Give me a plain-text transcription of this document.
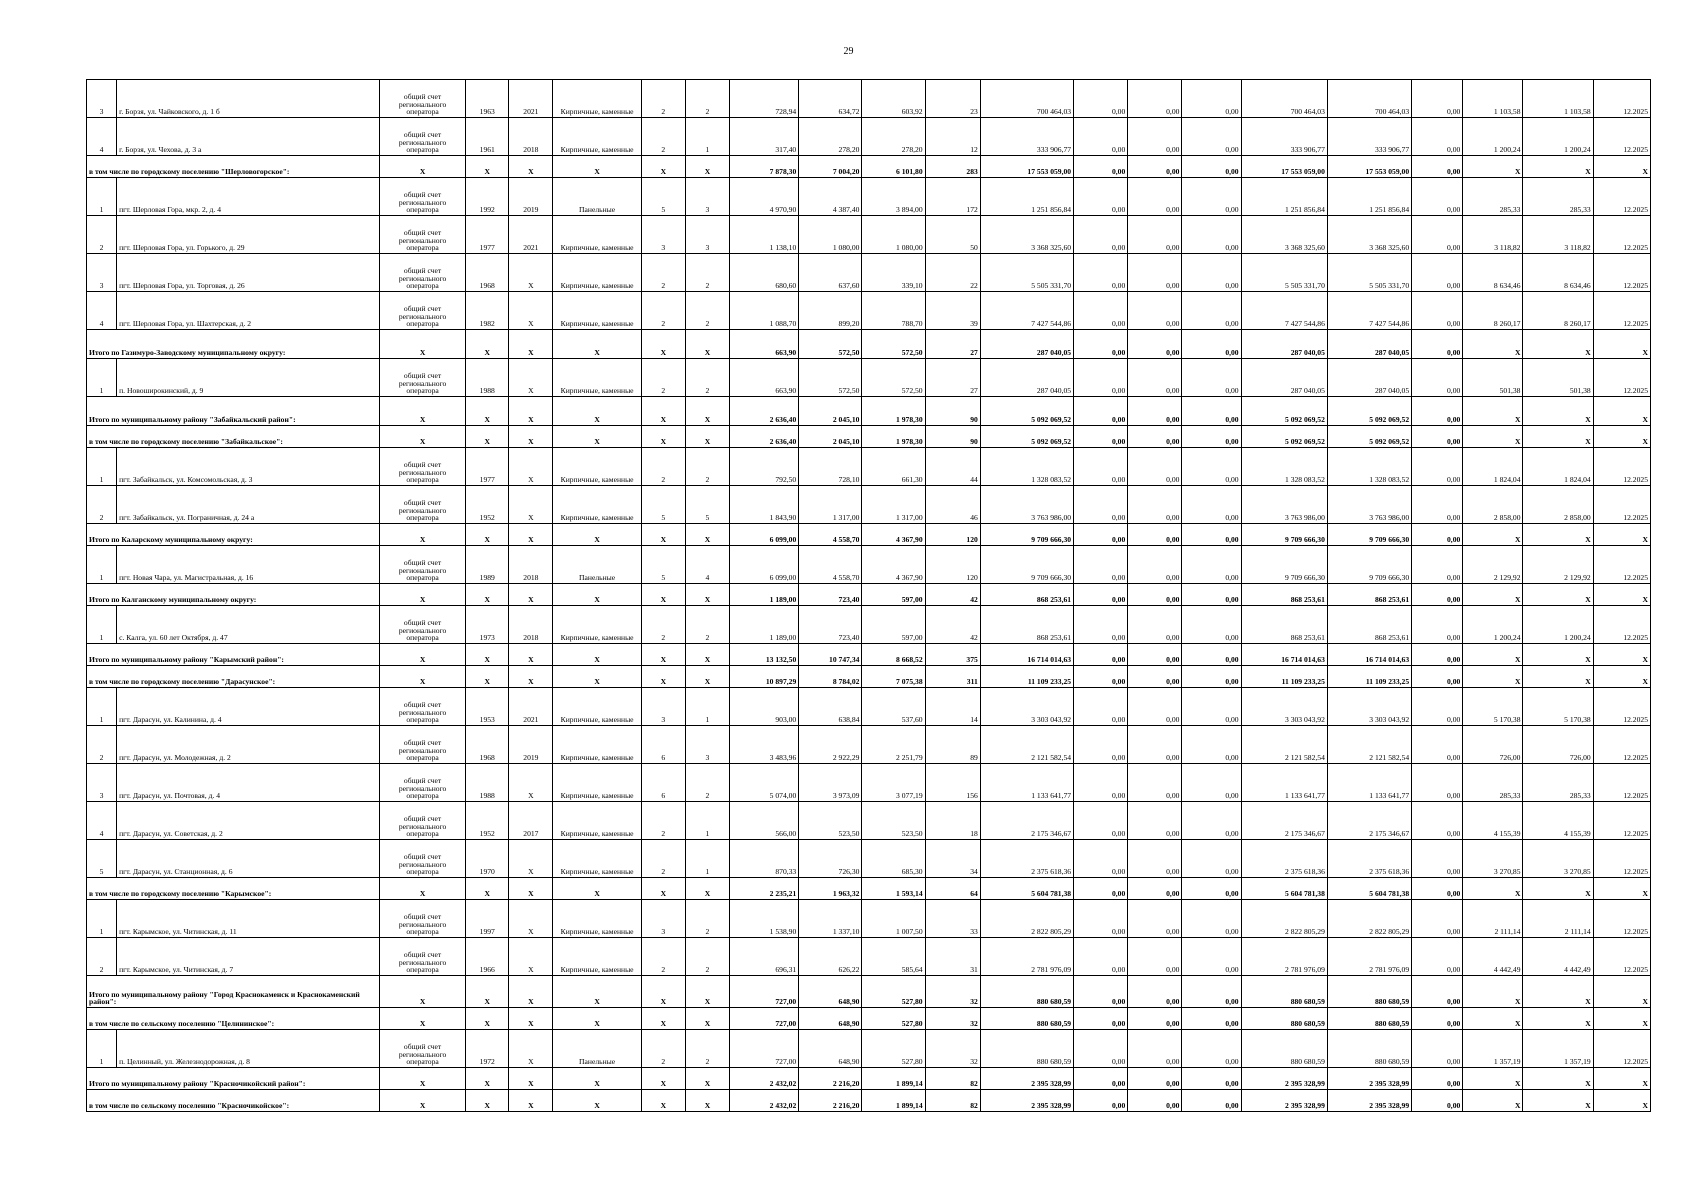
29
3	г. Борзя, ул. Чайковского, д. 1 б	общий счет регионального оператора	1963	2021	Кирпичные, каменные	2	2	728,94	634,72	603,92	23	700 464,03	0,00	0,00	0,00	700 464,03	700 464,03	0,00	1 103,58	1 103,58	12.2025
4	г. Борзя, ул. Чехова, д. 3 а	общий счет регионального оператора	1961	2018	Кирпичные, каменные	2	1	317,40	278,20	278,20	12	333 906,77	0,00	0,00	0,00	333 906,77	333 906,77	0,00	1 200,24	1 200,24	12.2025
в том числе по городскому поселению "Шерловогорское":		X	X	X	X	X	X	7 878,30	7 004,20	6 101,80	283	17 553 059,00	0,00	0,00	0,00	17 553 059,00	17 553 059,00	0,00	X	X	X
1	пгт. Шерловая Гора, мкр. 2, д. 4	общий счет регионального оператора	1992	2019	Панельные	5	3	4 970,90	4 387,40	3 894,00	172	1 251 856,84	0,00	0,00	0,00	1 251 856,84	1 251 856,84	0,00	285,33	285,33	12.2025
2	пгт. Шерловая Гора, ул. Горького, д. 29	общий счет регионального оператора	1977	2021	Кирпичные, каменные	3	3	1 138,10	1 080,00	1 080,00	50	3 368 325,60	0,00	0,00	0,00	3 368 325,60	3 368 325,60	0,00	3 118,82	3 118,82	12.2025
3	пгт. Шерловая Гора, ул. Торговая, д. 26	общий счет регионального оператора	1968	X	Кирпичные, каменные	2	2	680,60	637,60	339,10	22	5 505 331,70	0,00	0,00	0,00	5 505 331,70	5 505 331,70	0,00	8 634,46	8 634,46	12.2025
4	пгт. Шерловая Гора, ул. Шахтерская, д. 2	общий счет регионального оператора	1982	X	Кирпичные, каменные	2	2	1 088,70	899,20	788,70	39	7 427 544,86	0,00	0,00	0,00	7 427 544,86	7 427 544,86	0,00	8 260,17	8 260,17	12.2025
Итого по Газимуро-Заводскому муниципальному округу:		X	X	X	X	X	X	663,90	572,50	572,50	27	287 040,05	0,00	0,00	0,00	287 040,05	287 040,05	0,00	X	X	X
1	п. Новоширокинский, д. 9	общий счет регионального оператора	1988	X	Кирпичные, каменные	2	2	663,90	572,50	572,50	27	287 040,05	0,00	0,00	0,00	287 040,05	287 040,05	0,00	501,38	501,38	12.2025
Итого по муниципальному району "Забайкальский район":		X	X	X	X	X	X	2 636,40	2 045,10	1 978,30	90	5 092 069,52	0,00	0,00	0,00	5 092 069,52	5 092 069,52	0,00	X	X	X
в том числе по городскому поселению "Забайкальское":		X	X	X	X	X	X	2 636,40	2 045,10	1 978,30	90	5 092 069,52	0,00	0,00	0,00	5 092 069,52	5 092 069,52	0,00	X	X	X
1	пгт. Забайкальск, ул. Комсомольская, д. 3	общий счет регионального оператора	1977	X	Кирпичные, каменные	2	2	792,50	728,10	661,30	44	1 328 083,52	0,00	0,00	0,00	1 328 083,52	1 328 083,52	0,00	1 824,04	1 824,04	12.2025
2	пгт. Забайкальск, ул. Пограничная, д. 24 а	общий счет регионального оператора	1952	X	Кирпичные, каменные	5	5	1 843,90	1 317,00	1 317,00	46	3 763 986,00	0,00	0,00	0,00	3 763 986,00	3 763 986,00	0,00	2 858,00	2 858,00	12.2025
Итого по Каларскому муниципальному округу:		X	X	X	X	X	X	6 099,00	4 558,70	4 367,90	120	9 709 666,30	0,00	0,00	0,00	9 709 666,30	9 709 666,30	0,00	X	X	X
1	пгт. Новая Чара, ул. Магистральная, д. 16	общий счет регионального оператора	1989	2018	Панельные	5	4	6 099,00	4 558,70	4 367,90	120	9 709 666,30	0,00	0,00	0,00	9 709 666,30	9 709 666,30	0,00	2 129,92	2 129,92	12.2025
Итого по Калганскому муниципальному округу:		X	X	X	X	X	X	1 189,00	723,40	597,00	42	868 253,61	0,00	0,00	0,00	868 253,61	868 253,61	0,00	X	X	X
1	с. Калга, ул. 60 лет Октября, д. 47	общий счет регионального оператора	1973	2018	Кирпичные, каменные	2	2	1 189,00	723,40	597,00	42	868 253,61	0,00	0,00	0,00	868 253,61	868 253,61	0,00	1 200,24	1 200,24	12.2025
Итого по муниципальному району "Карымский район":		X	X	X	X	X	X	13 132,50	10 747,34	8 668,52	375	16 714 014,63	0,00	0,00	0,00	16 714 014,63	16 714 014,63	0,00	X	X	X
в том числе по городскому поселению "Дарасунское":		X	X	X	X	X	X	10 897,29	8 784,02	7 075,38	311	11 109 233,25	0,00	0,00	0,00	11 109 233,25	11 109 233,25	0,00	X	X	X
1	пгт. Дарасун, ул. Калинина, д. 4	общий счет регионального оператора	1953	2021	Кирпичные, каменные	3	1	903,00	638,84	537,60	14	3 303 043,92	0,00	0,00	0,00	3 303 043,92	3 303 043,92	0,00	5 170,38	5 170,38	12.2025
2	пгт. Дарасун, ул. Молодежная, д. 2	общий счет регионального оператора	1968	2019	Кирпичные, каменные	6	3	3 483,96	2 922,29	2 251,79	89	2 121 582,54	0,00	0,00	0,00	2 121 582,54	2 121 582,54	0,00	726,00	726,00	12.2025
3	пгт. Дарасун, ул. Почтовая, д. 4	общий счет регионального оператора	1988	X	Кирпичные, каменные	6	2	5 074,00	3 973,09	3 077,19	156	1 133 641,77	0,00	0,00	0,00	1 133 641,77	1 133 641,77	0,00	285,33	285,33	12.2025
4	пгт. Дарасун, ул. Советская, д. 2	общий счет регионального оператора	1952	2017	Кирпичные, каменные	2	1	566,00	523,50	523,50	18	2 175 346,67	0,00	0,00	0,00	2 175 346,67	2 175 346,67	0,00	4 155,39	4 155,39	12.2025
5	пгт. Дарасун, ул. Станционная, д. 6	общий счет регионального оператора	1970	X	Кирпичные, каменные	2	1	870,33	726,30	685,30	34	2 375 618,36	0,00	0,00	0,00	2 375 618,36	2 375 618,36	0,00	3 270,85	3 270,85	12.2025
в том числе по городскому поселению "Карымское":		X	X	X	X	X	X	2 235,21	1 963,32	1 593,14	64	5 604 781,38	0,00	0,00	0,00	5 604 781,38	5 604 781,38	0,00	X	X	X
1	пгт. Карымское, ул. Читинская, д. 11	общий счет регионального оператора	1997	X	Кирпичные, каменные	3	2	1 538,90	1 337,10	1 007,50	33	2 822 805,29	0,00	0,00	0,00	2 822 805,29	2 822 805,29	0,00	2 111,14	2 111,14	12.2025
2	пгт. Карымское, ул. Читинская, д. 7	общий счет регионального оператора	1966	X	Кирпичные, каменные	2	2	696,31	626,22	585,64	31	2 781 976,09	0,00	0,00	0,00	2 781 976,09	2 781 976,09	0,00	4 442,49	4 442,49	12.2025
Итого по муниципальному району "Город Краснокаменск и Краснокаменский район":		X	X	X	X	X	X	727,00	648,90	527,80	32	880 680,59	0,00	0,00	0,00	880 680,59	880 680,59	0,00	X	X	X
в том числе по сельскому поселению "Целининское":		X	X	X	X	X	X	727,00	648,90	527,80	32	880 680,59	0,00	0,00	0,00	880 680,59	880 680,59	0,00	X	X	X
1	п. Целинный, ул. Железнодорожная, д. 8	общий счет регионального оператора	1972	X	Панельные	2	2	727,00	648,90	527,80	32	880 680,59	0,00	0,00	0,00	880 680,59	880 680,59	0,00	1 357,19	1 357,19	12.2025
Итого по муниципальному району "Красночикойский район":		X	X	X	X	X	X	2 432,02	2 216,20	1 899,14	82	2 395 328,99	0,00	0,00	0,00	2 395 328,99	2 395 328,99	0,00	X	X	X
в том числе по сельскому поселению "Красночикойское":		X	X	X	X	X	X	2 432,02	2 216,20	1 899,14	82	2 395 328,99	0,00	0,00	0,00	2 395 328,99	2 395 328,99	0,00	X	X	X
